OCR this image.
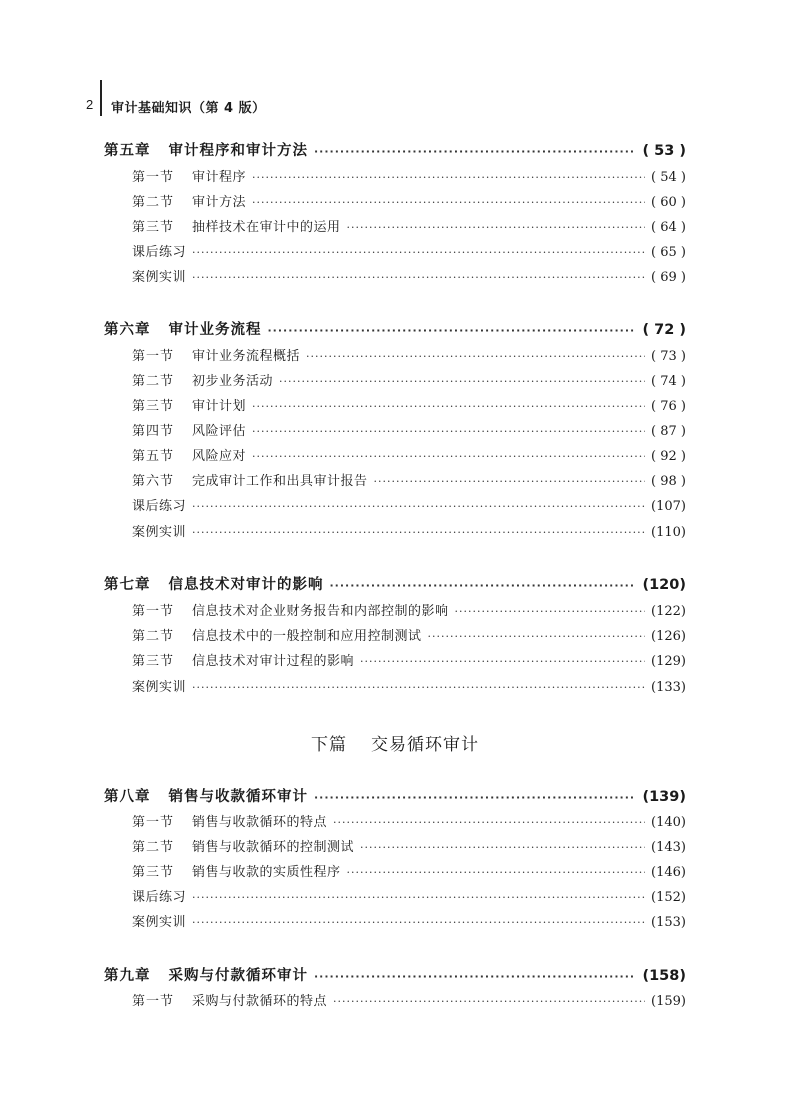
2 审计基础知识（第 4 版）
第五章 审计程序和审计方法 ·····	( 53 )
第一节 审计程序 ·····	( 54 )
第二节 审计方法 ·····	( 60 )
第三节 抽样技术在审计中的运用 ·····	( 64 )
课后练习 ·····	( 65 )
案例实训 ·····	( 69 )
第六章 审计业务流程 ·····	( 72 )
第一节 审计业务流程概括 ·····	( 73 )
第二节 初步业务活动 ·····	( 74 )
第三节 审计计划 ·····	( 76 )
第四节 风险评估 ·····	( 87 )
第五节 风险应对 ·····	( 92 )
第六节 完成审计工作和出具审计报告 ·····	( 98 )
课后练习 ·····	(107)
案例实训 ·····	(110)
第七章 信息技术对审计的影响 ·····	(120)
第一节 信息技术对企业财务报告和内部控制的影响 ·····	(122)
第二节 信息技术中的一般控制和应用控制测试 ·····	(126)
第三节 信息技术对审计过程的影响 ·····	(129)
案例实训 ·····	(133)
下篇 交易循环审计
第八章 销售与收款循环审计 ·····	(139)
第一节 销售与收款循环的特点 ·····	(140)
第二节 销售与收款循环的控制测试 ·····	(143)
第三节 销售与收款的实质性程序 ·····	(146)
课后练习 ·····	(152)
案例实训 ·····	(153)
第九章 采购与付款循环审计 ·····	(158)
第一节 采购与付款循环的特点 ·····	(159)
